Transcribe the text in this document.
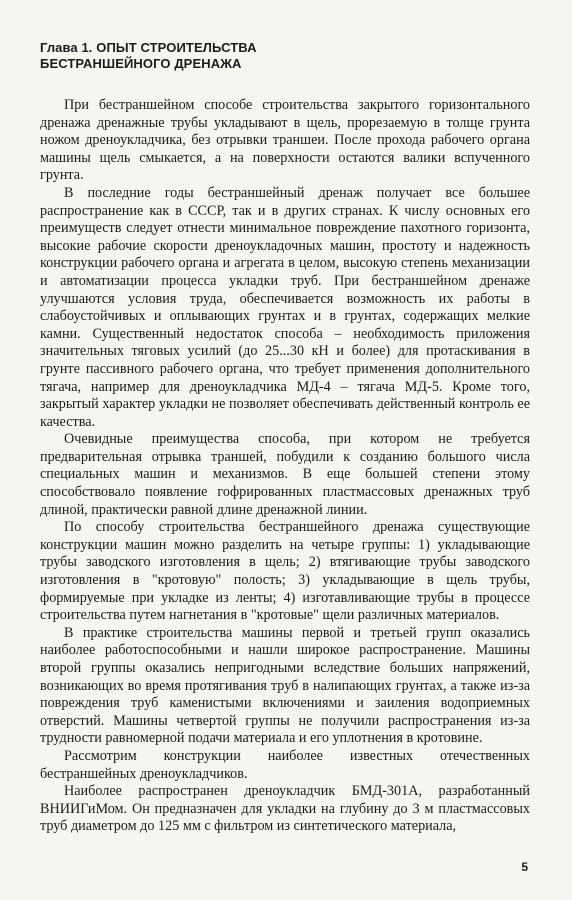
Глава 1. ОПЫТ СТРОИТЕЛЬСТВА
БЕСТРАНШЕЙНОГО ДРЕНАЖА

При бестраншейном способе строительства закрытого горизонтального дренажа дренажные трубы укладывают в щель, прорезаемую в толще грунта ножом дреноукладчика, без отрывки траншеи. После прохода рабочего органа машины щель смыкается, а на поверхности остаются валики вспученного грунта.

В последние годы бестраншейный дренаж получает все большее распространение как в СССР, так и в других странах. К числу основных его преимуществ следует отнести минимальное повреждение пахотного горизонта, высокие рабочие скорости дреноукладочных машин, простоту и надежность конструкции рабочего органа и агрегата в целом, высокую степень механизации и автоматизации процесса укладки труб. При бестраншейном дренаже улучшаются условия труда, обеспечивается возможность их работы в слабоустойчивых и оплывающих грунтах и в грунтах, содержащих мелкие камни. Существенный недостаток способа – необходимость приложения значительных тяговых усилий (до 25...30 кН и более) для протаскивания в грунте пассивного рабочего органа, что требует применения дополнительного тягача, например для дреноукладчика МД-4 – тягача МД-5. Кроме того, закрытый характер укладки не позволяет обеспечивать действенный контроль ее качества.

Очевидные преимущества способа, при котором не требуется предварительная отрывка траншей, побудили к созданию большого числа специальных машин и механизмов. В еще большей степени этому способствовало появление гофрированных пластмассовых дренажных труб длиной, практически равной длине дренажной линии.

По способу строительства бестраншейного дренажа существующие конструкции машин можно разделить на четыре группы: 1) укладывающие трубы заводского изготовления в щель; 2) втягивающие трубы заводского изготовления в "кротовую" полость; 3) укладывающие в щель трубы, формируемые при укладке из ленты; 4) изготавливающие трубы в процессе строительства путем нагнетания в "кротовые" щели различных материалов.

В практике строительства машины первой и третьей групп оказались наиболее работоспособными и нашли широкое распространение. Машины второй группы оказались непригодными вследствие больших напряжений, возникающих во время протягивания труб в налипающих грунтах, а также из-за повреждения труб каменистыми включениями и заиления водоприемных отверстий. Машины четвертой группы не получили распространения из-за трудности равномерной подачи материала и его уплотнения в кротовине.

Рассмотрим конструкции наиболее известных отечественных бестраншейных дреноукладчиков.

Наиболее распространен дреноукладчик БМД-301А, разработанный ВНИИГиМом. Он предназначен для укладки на глубину до 3 м пластмассовых труб диаметром до 125 мм с фильтром из синтетического материала,

5
